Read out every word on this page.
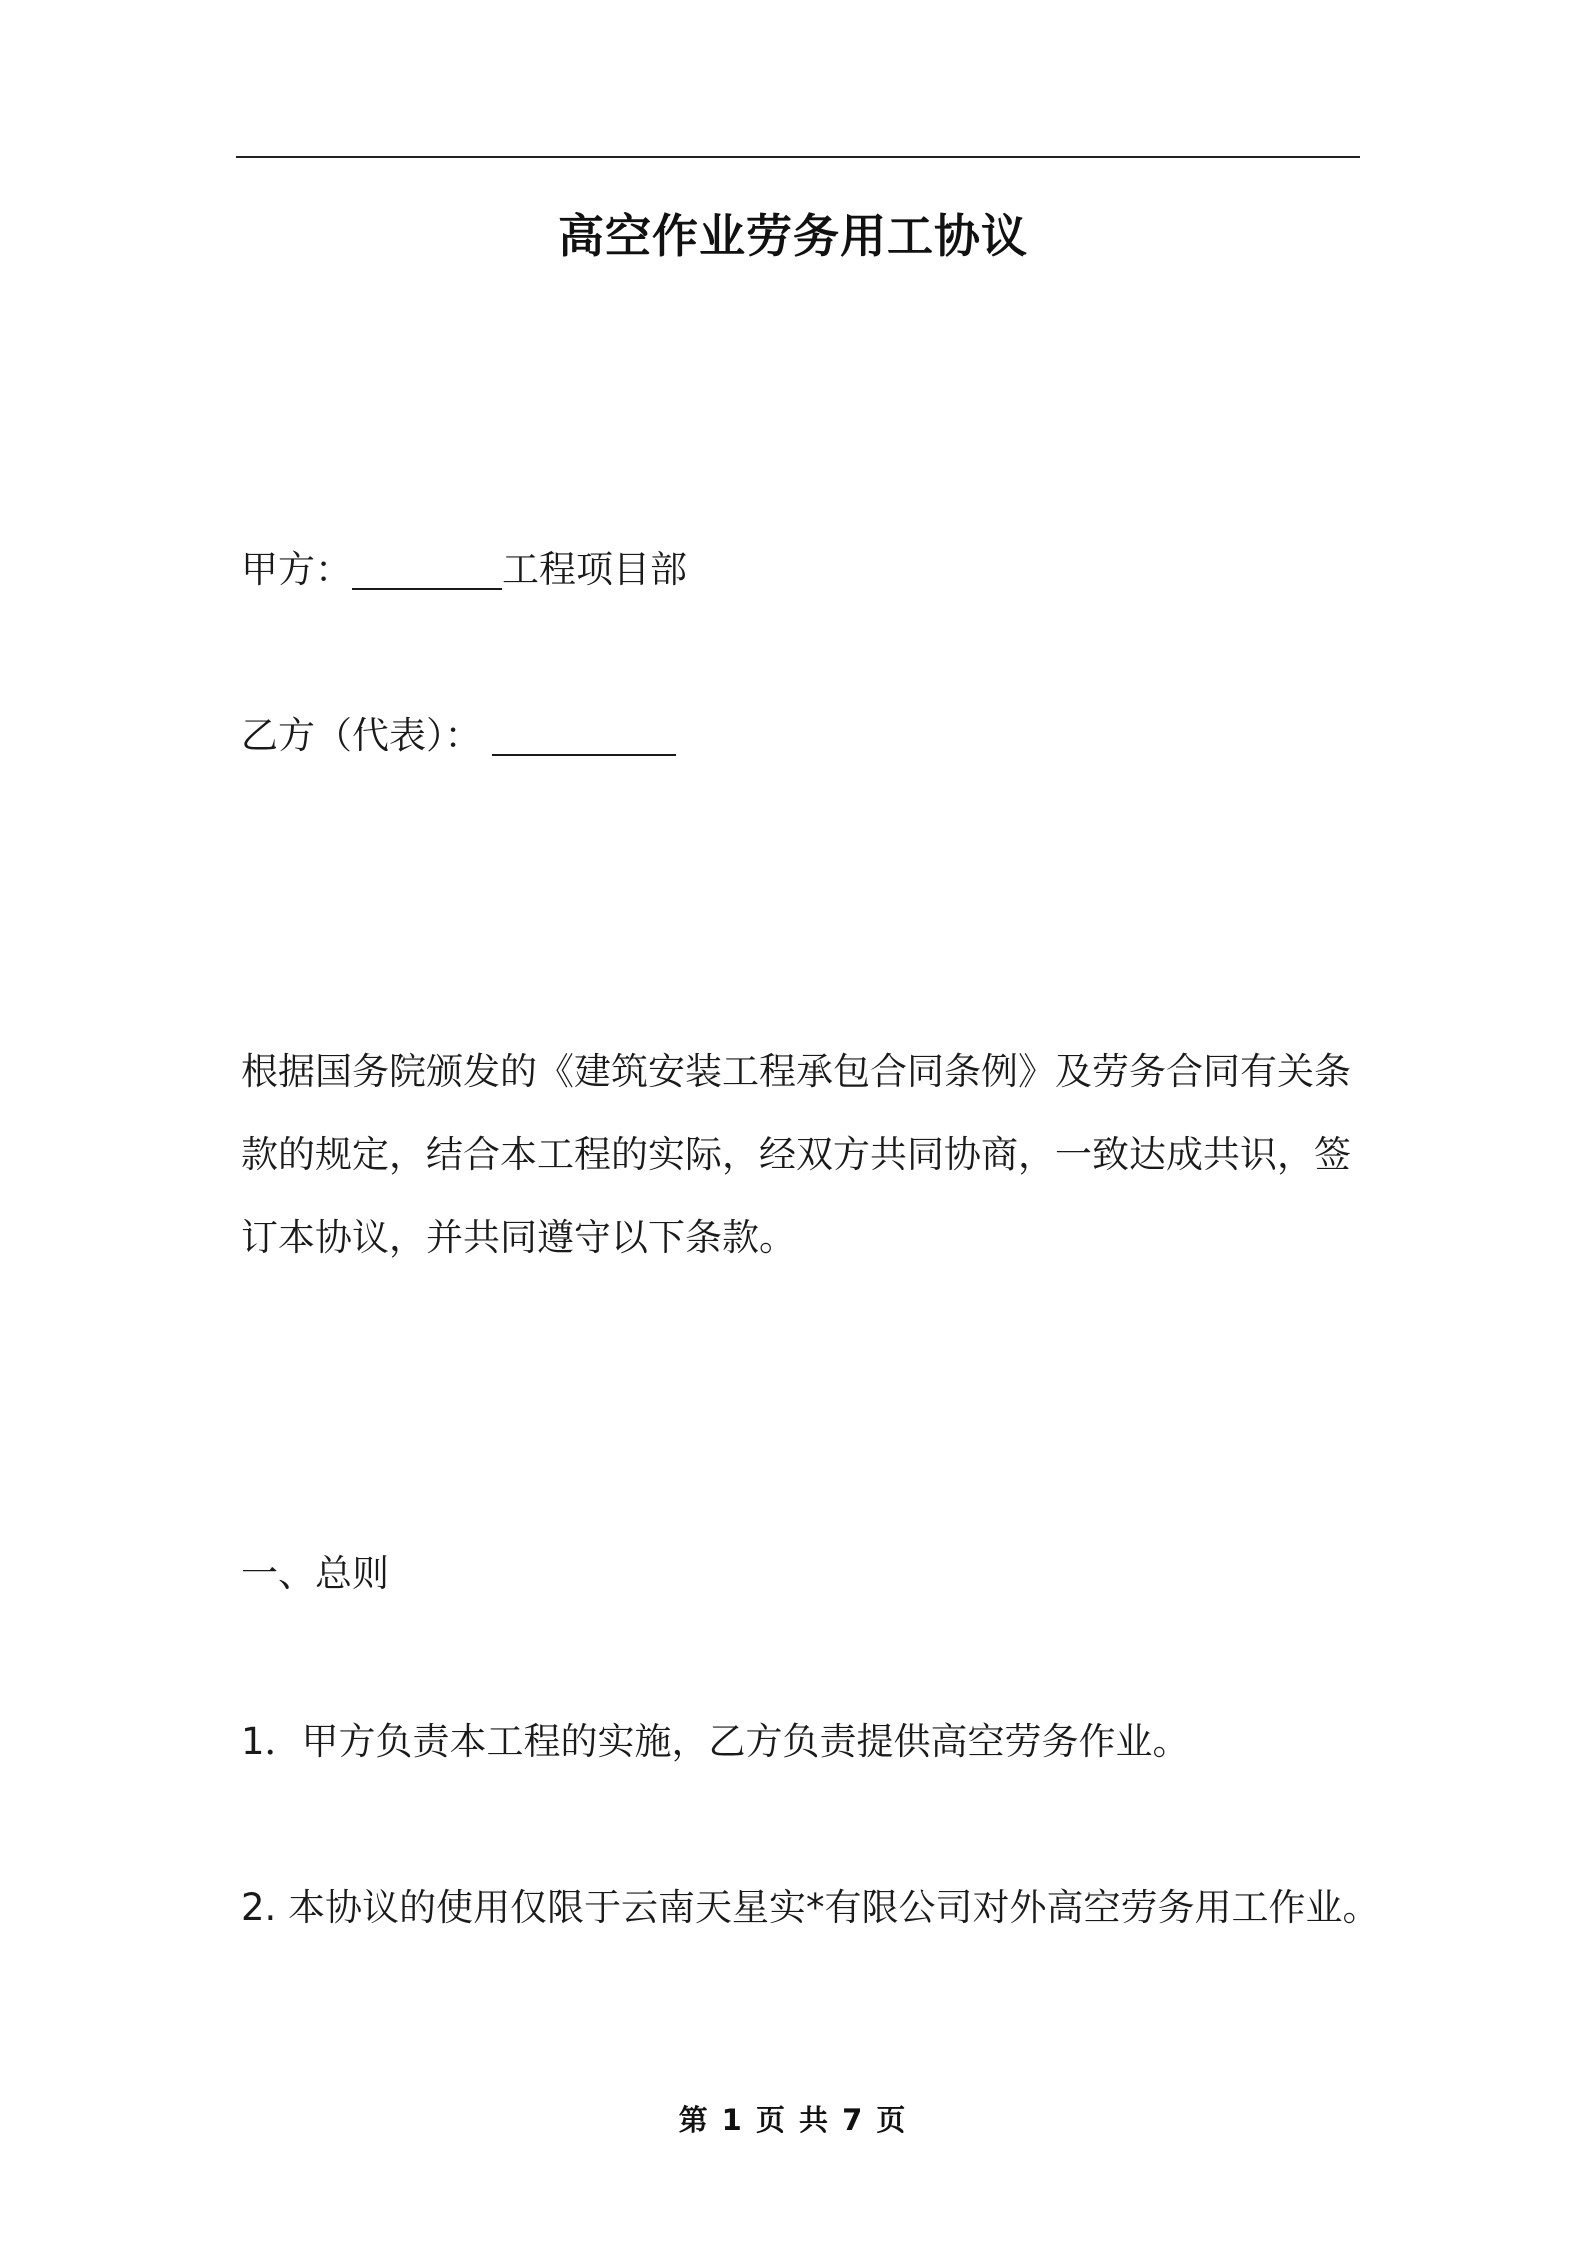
高空作业劳务用工协议
甲方：	工程项目部
乙方（代表）：
根据国务院颁发的《建筑安装工程承包合同条例》及劳务合同有关条
款的规定，结合本工程的实际，经双方共同协商，一致达成共识，签
订本协议，并共同遵守以下条款。
一、总则
1．甲方负责本工程的实施，乙方负责提供高空劳务作业。
2. 本协议的使用仅限于云南天星实*有限公司对外高空劳务用工作业。
第 1 页 共 7 页
